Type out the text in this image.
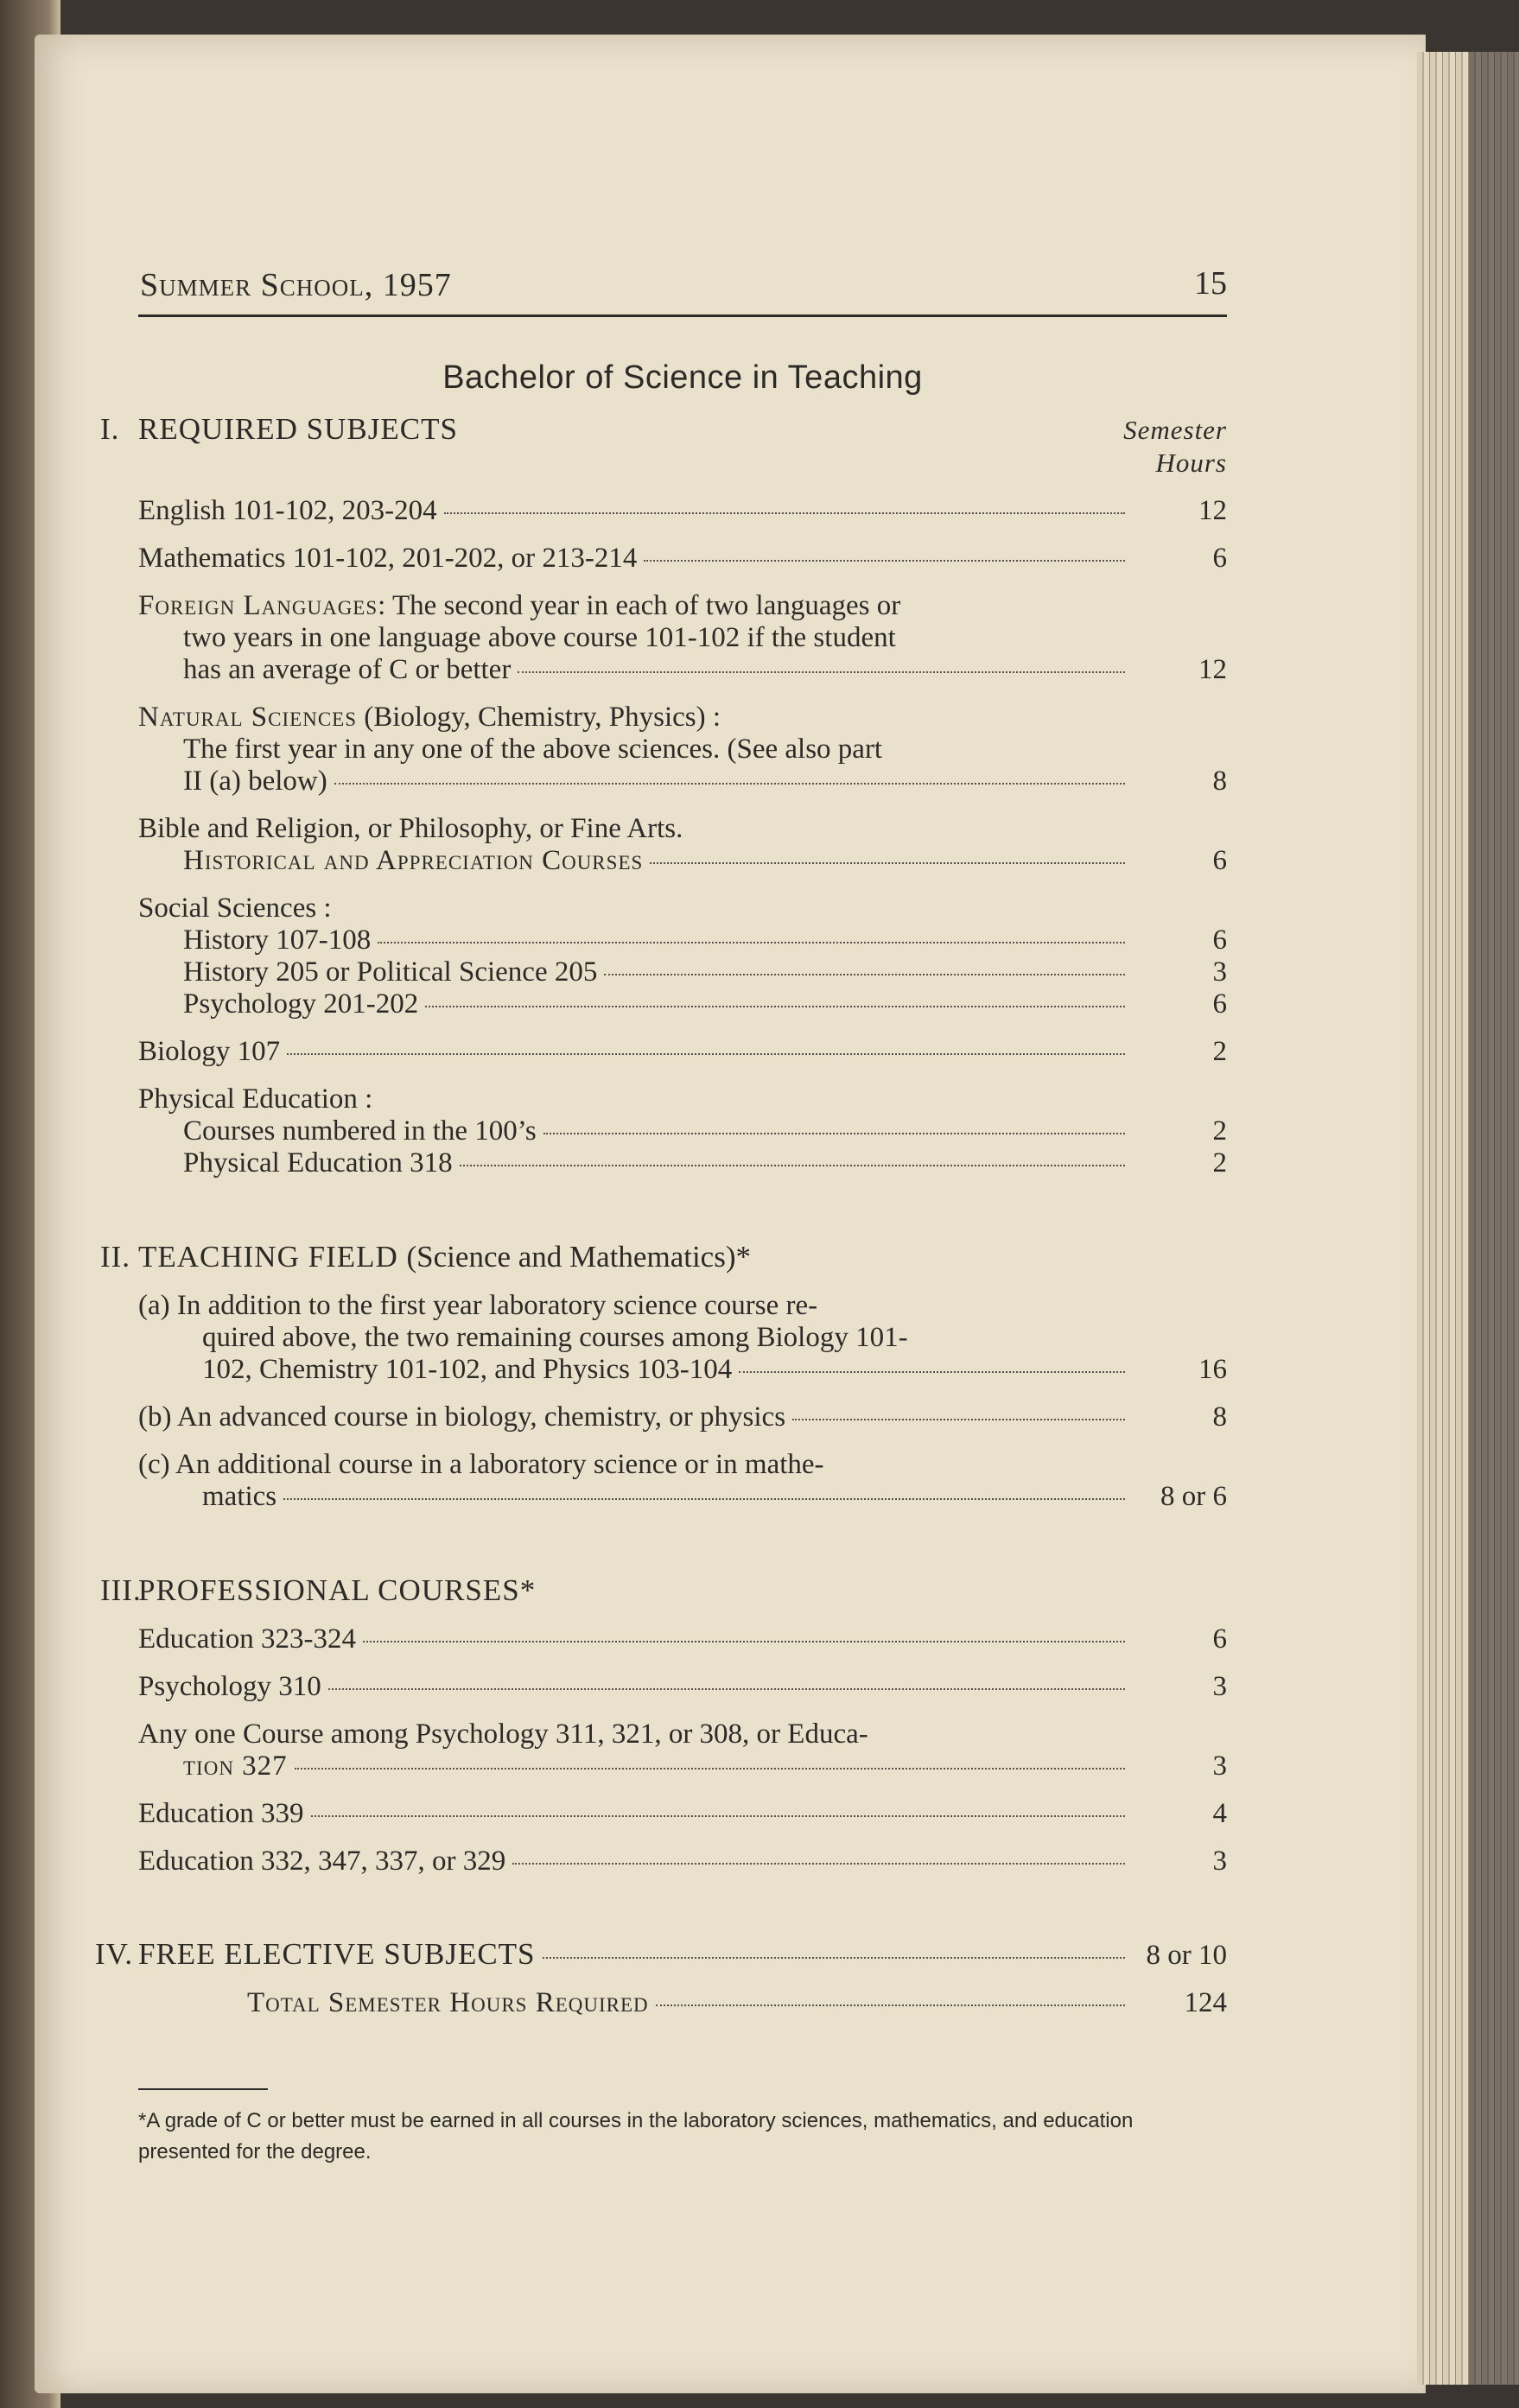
Summer School, 1957	15
Bachelor of Science in Teaching
I. REQUIRED SUBJECTS	Semester
Hours
English 101-102, 203-204	12
Mathematics 101-102, 201-202, or 213-214	6
Foreign Languages: The second year in each of two languages or
two years in one language above course 101-102 if the student
has an average of C or better	12
Natural Sciences (Biology, Chemistry, Physics) :
The first year in any one of the above sciences. (See also part
II (a) below)	8
Bible and Religion, or Philosophy, or Fine Arts.
Historical and Appreciation Courses	6
Social Sciences :
History 107-108	6
History 205 or Political Science 205	3
Psychology 201-202	6
Biology 107	2
Physical Education :
Courses numbered in the 100’s	2
Physical Education 318	2
II. TEACHING FIELD (Science and Mathematics)*
(a) In addition to the first year laboratory science course re-
quired above, the two remaining courses among Biology 101-
102, Chemistry 101-102, and Physics 103-104	16
(b) An advanced course in biology, chemistry, or physics	8
(c) An additional course in a laboratory science or in mathe-
matics	8 or 6
III.
PROFESSIONAL COURSES*
Education 323-324	6
Psychology 310	3
Any one Course among Psychology 311, 321, or 308, or Educa-
tion 327	3
Education 339	4
Education 332, 347, 337, or 329	3
IV. FREE ELECTIVE SUBJECTS	8 or 10
Total Semester Hours Required	124
*A grade of C or better must be earned in all courses in the laboratory sciences, mathematics, and education presented for the degree.
